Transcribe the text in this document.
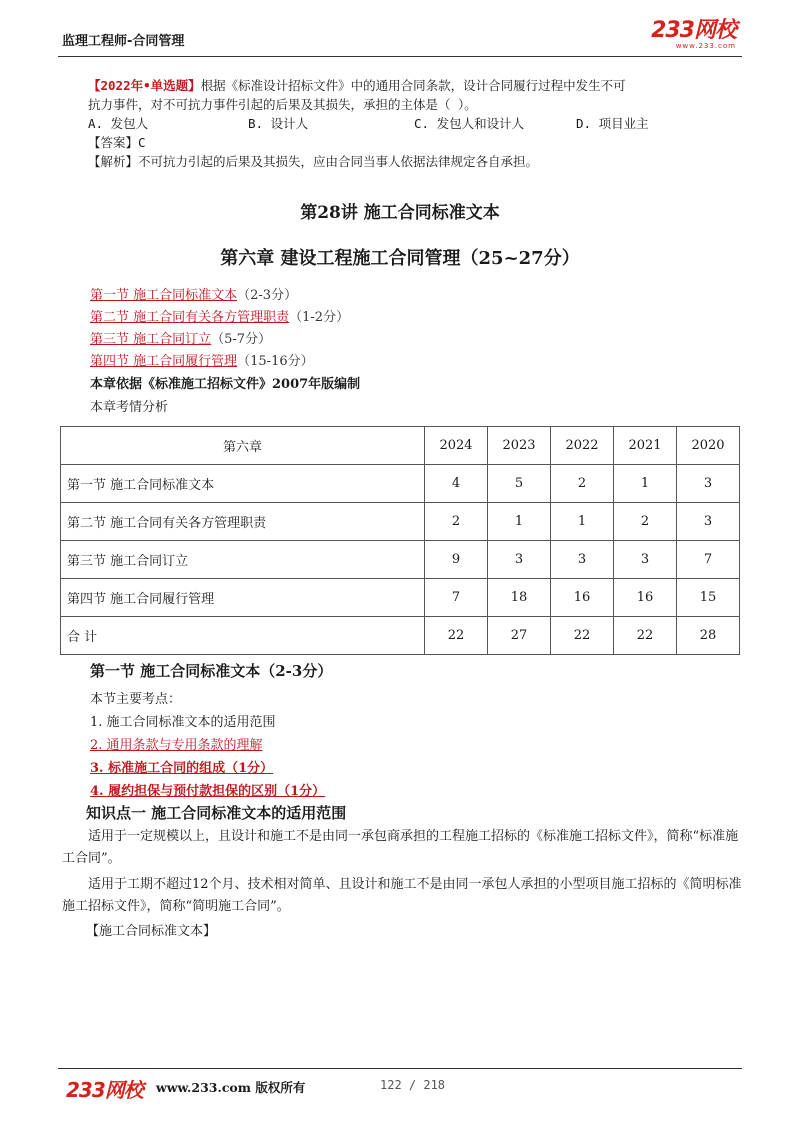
监理工程师-合同管理	233网校
www.233.com
【2022年•单选题】根据《标准设计招标文件》中的通用合同条款，设计合同履行过程中发生不可
抗力事件，对不可抗力事件引起的后果及其损失，承担的主体是（ ）。
A. 发包人	B. 设计人	C. 发包人和设计人	D. 项目业主
【答案】C
【解析】不可抗力引起的后果及其损失，应由合同当事人依据法律规定各自承担。
第28讲 施工合同标准文本
第六章 建设工程施工合同管理（25~27分）
第一节 施工合同标准文本（2-3分）
第二节 施工合同有关各方管理职责（1-2分）
第三节 施工合同订立（5-7分）
第四节 施工合同履行管理（15-16分）
本章依据《标准施工招标文件》2007年版编制
本章考情分析
第六章	2024	2023	2022	2021	2020
第一节 施工合同标准文本	4	5	2	1	3
第二节 施工合同有关各方管理职责	2	1	1	2	3
第三节 施工合同订立	9	3	3	3	7
第四节 施工合同履行管理	7	18	16	16	15
合 计	22	27	22	22	28
第一节 施工合同标准文本（2-3分）
本节主要考点：
1. 施工合同标准文本的适用范围
2. 通用条款与专用条款的理解
3. 标准施工合同的组成（1分）
4. 履约担保与预付款担保的区别（1分）
知识点一 施工合同标准文本的适用范围
适用于一定规模以上，且设计和施工不是由同一承包商承担的工程施工招标的《标准施工招标文件》，简称“标准施工合同”。
适用于工期不超过12个月、技术相对简单、且设计和施工不是由同一承包人承担的小型项目施工招标的《简明标准施工招标文件》，简称“简明施工合同”。
【施工合同标准文本】
233网校 www.233.com 版权所有	122 / 218
